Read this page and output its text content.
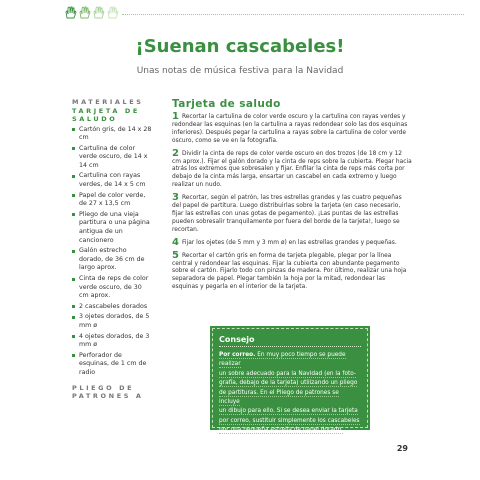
¡Suenan cascabeles!
Unas notas de música festiva para la Navidad

MATERIALES

TARJETA DE

SALUDO

Cartón gris, de 14 x 28 cm
Cartulina de color verde oscuro, de 14 x 14 cm
Cartulina con rayas verdes, de 14 x 5 cm
Papel de color verde, de 27 x 13,5 cm
Pliego de una vieja partitura o una página antigua de un cancionero
Galón estrecho dorado, de 36 cm de largo aprox.
Cinta de reps de color verde oscuro, de 30 cm aprox.
2 cascabeles dorados
3 ojetes dorados, de 5 mm ø
4 ojetes dorados, de 3 mm ø
Perforador de esquinas, de 1 cm de radio

PLIEGO DE

PATRONES A

Tarjeta de saludo

1 Recortar la cartulina de color verde oscuro y la cartulina con rayas verdes y redondear las esquinas (en la cartulina a rayas redondear solo las dos esquinas inferiores). Después pegar la cartulina a rayas sobre la cartulina de color verde oscuro, como se ve en la fotografía.

2 Dividir la cinta de reps de color verde oscuro en dos trozos (de 18 cm y 12 cm aprox.). Fijar el galón dorado y la cinta de reps sobre la cubierta. Plegar hacia atrás los extremos que sobresalen y fijar. Enfilar la cinta de reps más corta por debajo de la cinta más larga, ensartar un cascabel en cada extremo y luego realizar un nudo.

3 Recortar, según el patrón, las tres estrellas grandes y las cuatro pequeñas del papel de partitura. Luego distribuirlas sobre la tarjeta (en caso necesario, fijar las estrellas con unas gotas de pegamento). ¡Las puntas de las estrellas pueden sobresalir tranquilamente por fuera del borde de la tarjeta!, luego se recortan.

4 Fijar los ojetes (de 5 mm y 3 mm ø) en las estrellas grandes y pequeñas.

5 Recortar el cartón gris en forma de tarjeta plegable, plegar por la línea central y redondear las esquinas. Fijar la cubierta con abundante pegamento sobre el cartón. Fijarlo todo con pinzas de madera. Por último, realizar una hoja separadora de papel. Plegar también la hoja por la mitad, redondear las esquinas y pegarla en el interior de la tarjeta.

Consejo

Por correo. En muy poco tiempo se puede realizar
un sobre adecuado para la Navidad (en la foto-
grafía, debajo de la tarjeta) utilizando un pliego
de partituras. En el Pliego de patrones se incluye
un dibujo para ello. Si se desea enviar la tarjeta
por correo, sustituir simplemente los cascabeles
por una pequeña estrella de papel dorado.

29
